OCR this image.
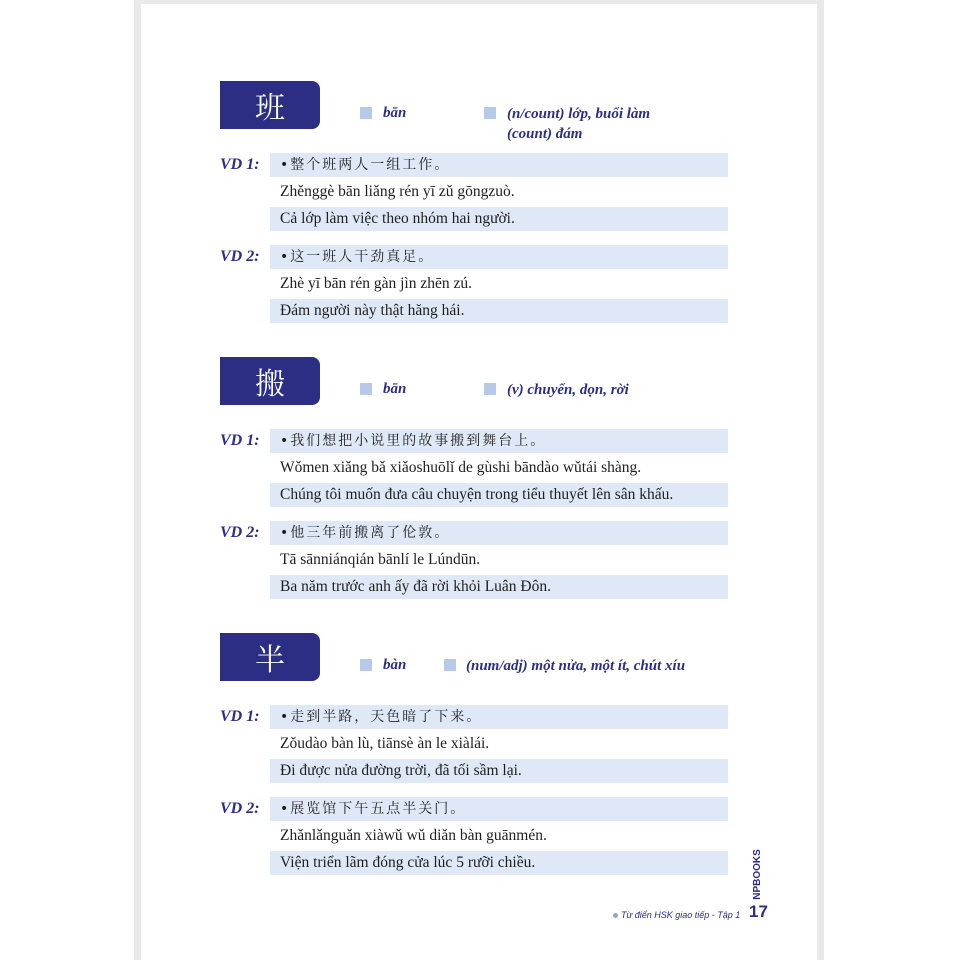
班	bān	(n/count) lớp, buổi làm
(count) đám
VD 1:	•整个班两人一组工作。
Zhěnggè bān liǎng rén yī zǔ gōngzuò.
Cả lớp làm việc theo nhóm hai người.
VD 2:	•这一班人干劲真足。
Zhè yī bān rén gàn jìn zhēn zú.
Đám người này thật hăng hái.
搬	bān	(v) chuyển, dọn, rời
VD 1:	•我们想把小说里的故事搬到舞台上。
Wǒmen xiǎng bǎ xiǎoshuōlǐ de gùshi bāndào wǔtái shàng.
Chúng tôi muốn đưa câu chuyện trong tiểu thuyết lên sân khấu.
VD 2:	•他三年前搬离了伦敦。
Tā sānniánqián bānlí le Lúndūn.
Ba năm trước anh ấy đã rời khỏi Luân Đôn.
半	bàn	(num/adj) một nửa, một ít, chút xíu
VD 1:	•走到半路，天色暗了下来。
Zǒudào bàn lù, tiānsè àn le xiàlái.
Đi được nửa đường trời, đã tối sầm lại.
VD 2:	•展览馆下午五点半关门。
Zhǎnlǎnguǎn xiàwǔ wǔ diǎn bàn guānmén.
Viện triển lãm đóng cửa lúc 5 rưỡi chiều.	NPBOOKS
Từ điển HSK giao tiếp - Tập 1 17
